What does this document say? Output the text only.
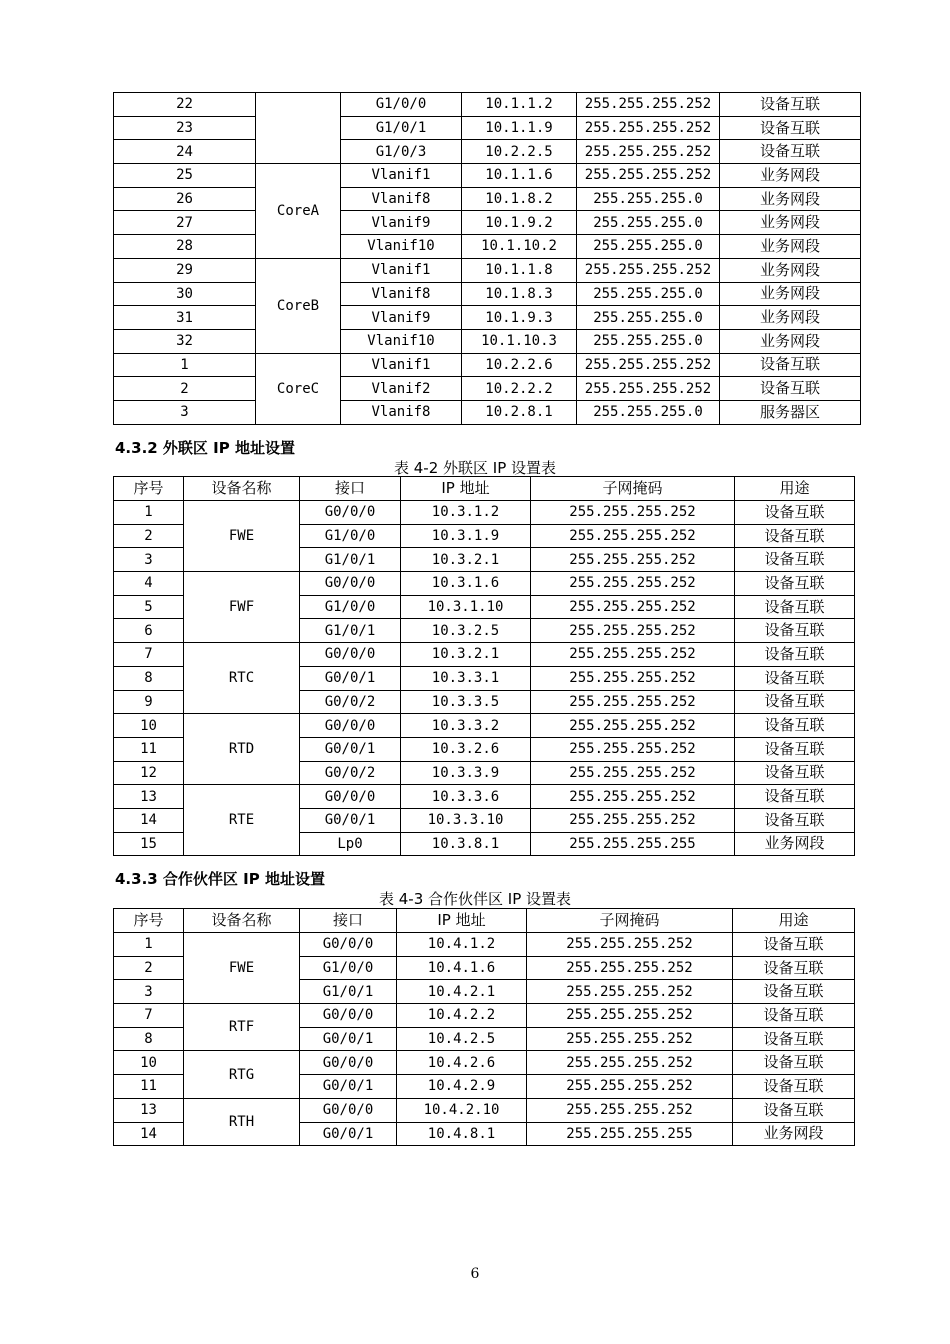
22		G1/0/0	10.1.1.2	255.255.255.252	设备互联
23		G1/0/1	10.1.1.9	255.255.255.252	设备互联
24		G1/0/3	10.2.2.5	255.255.255.252	设备互联
25	CoreA	Vlanif1	10.1.1.6	255.255.255.252	业务网段
26		Vlanif8	10.1.8.2	255.255.255.0	业务网段
27		Vlanif9	10.1.9.2	255.255.255.0	业务网段
28		Vlanif10	10.1.10.2	255.255.255.0	业务网段
29	CoreB	Vlanif1	10.1.1.8	255.255.255.252	业务网段
30		Vlanif8	10.1.8.3	255.255.255.0	业务网段
31		Vlanif9	10.1.9.3	255.255.255.0	业务网段
32		Vlanif10	10.1.10.3	255.255.255.0	业务网段
1	CoreC	Vlanif1	10.2.2.6	255.255.255.252	设备互联
2		Vlanif2	10.2.2.2	255.255.255.252	设备互联
3		Vlanif8	10.2.8.1	255.255.255.0	服务器区
4.3.2 外联区 IP 地址设置
表 4-2 外联区 IP 设置表
序号	设备名称	接口	IP 地址	子网掩码	用途
1	FWE	G0/0/0	10.3.1.2	255.255.255.252	设备互联
2		G1/0/0	10.3.1.9	255.255.255.252	设备互联
3		G1/0/1	10.3.2.1	255.255.255.252	设备互联
4	FWF	G0/0/0	10.3.1.6	255.255.255.252	设备互联
5		G1/0/0	10.3.1.10	255.255.255.252	设备互联
6		G1/0/1	10.3.2.5	255.255.255.252	设备互联
7	RTC	G0/0/0	10.3.2.1	255.255.255.252	设备互联
8		G0/0/1	10.3.3.1	255.255.255.252	设备互联
9		G0/0/2	10.3.3.5	255.255.255.252	设备互联
10	RTD	G0/0/0	10.3.3.2	255.255.255.252	设备互联
11		G0/0/1	10.3.2.6	255.255.255.252	设备互联
12		G0/0/2	10.3.3.9	255.255.255.252	设备互联
13	RTE	G0/0/0	10.3.3.6	255.255.255.252	设备互联
14		G0/0/1	10.3.3.10	255.255.255.252	设备互联
15		Lp0	10.3.8.1	255.255.255.255	业务网段
4.3.3 合作伙伴区 IP 地址设置
表 4-3 合作伙伴区 IP 设置表
序号	设备名称	接口	IP 地址	子网掩码	用途
1	FWE	G0/0/0	10.4.1.2	255.255.255.252	设备互联
2		G1/0/0	10.4.1.6	255.255.255.252	设备互联
3		G1/0/1	10.4.2.1	255.255.255.252	设备互联
7	RTF	G0/0/0	10.4.2.2	255.255.255.252	设备互联
8		G0/0/1	10.4.2.5	255.255.255.252	设备互联
10	RTG	G0/0/0	10.4.2.6	255.255.255.252	设备互联
11		G0/0/1	10.4.2.9	255.255.255.252	设备互联
13	RTH	G0/0/0	10.4.2.10	255.255.255.252	设备互联
14		G0/0/1	10.4.8.1	255.255.255.255	业务网段
6
